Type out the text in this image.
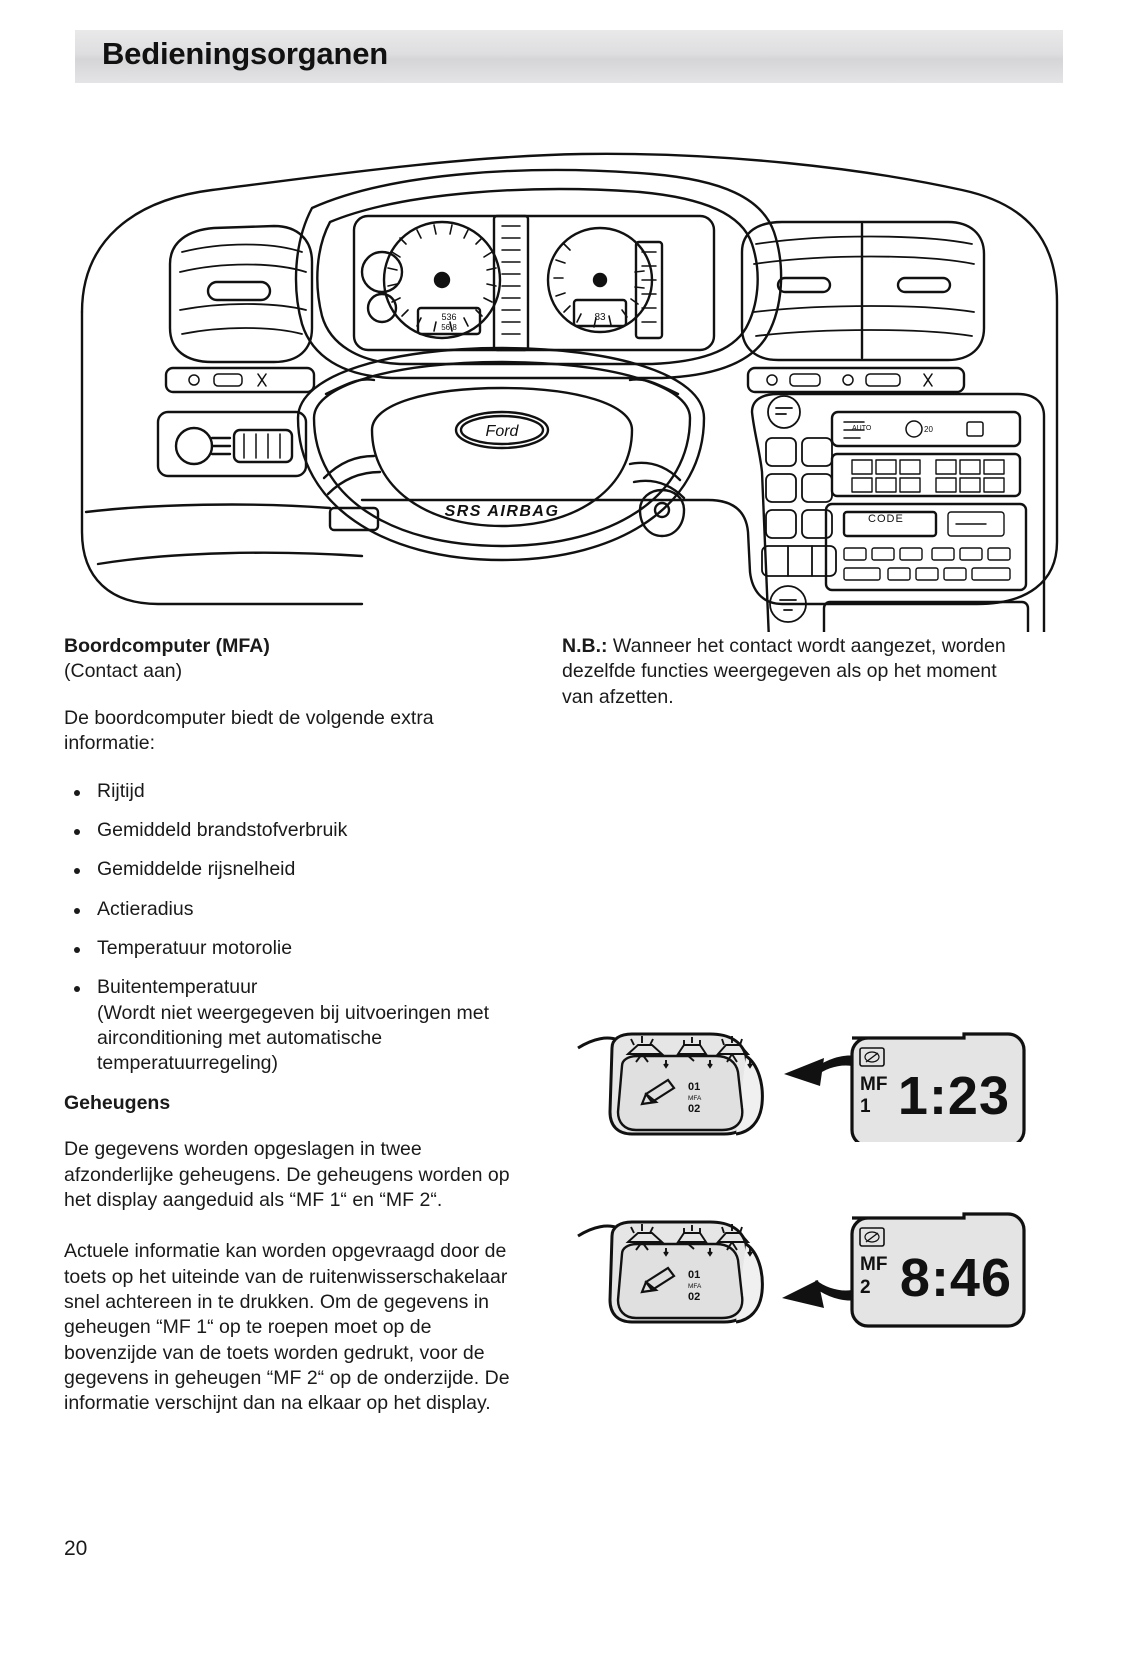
Bedieningsorganen
SRS AIRBAG
Ford
CODE
536
56.8
83
AUTO	20
Boordcomputer (MFA)
(Contact aan)

De boordcomputer biedt de volgende extra informatie:

Rijtijd
Gemiddeld brandstofverbruik
Gemiddelde rijsnelheid
Actieradius
Temperatuur motorolie
Buitentemperatuur
(Wordt niet weergegeven bij uitvoeringen met airconditioning met automatische temperatuurregeling)
Geheugens

De gegevens worden opgeslagen in twee afzonderlijke geheugens. De geheugens worden op het display aangeduid als “MF 1“ en “MF 2“.

Actuele informatie kan worden opgevraagd door de toets op het uiteinde van de ruitenwisserschakelaar snel achtereen in te drukken. Om de gegevens in geheugen “MF 1“ op te roepen moet op de bovenzijde van de toets worden gedrukt, voor de gegevens in geheugen “MF 2“ op de onderzijde. De informatie verschijnt dan na elkaar op het display.

N.B.: Wanneer het contact wordt aangezet, worden dezelfde functies weergegeven als op het moment van afzetten.

01
MFA
02
MF
1 1:23
01
MFA
02
MF
2 8:46
20
